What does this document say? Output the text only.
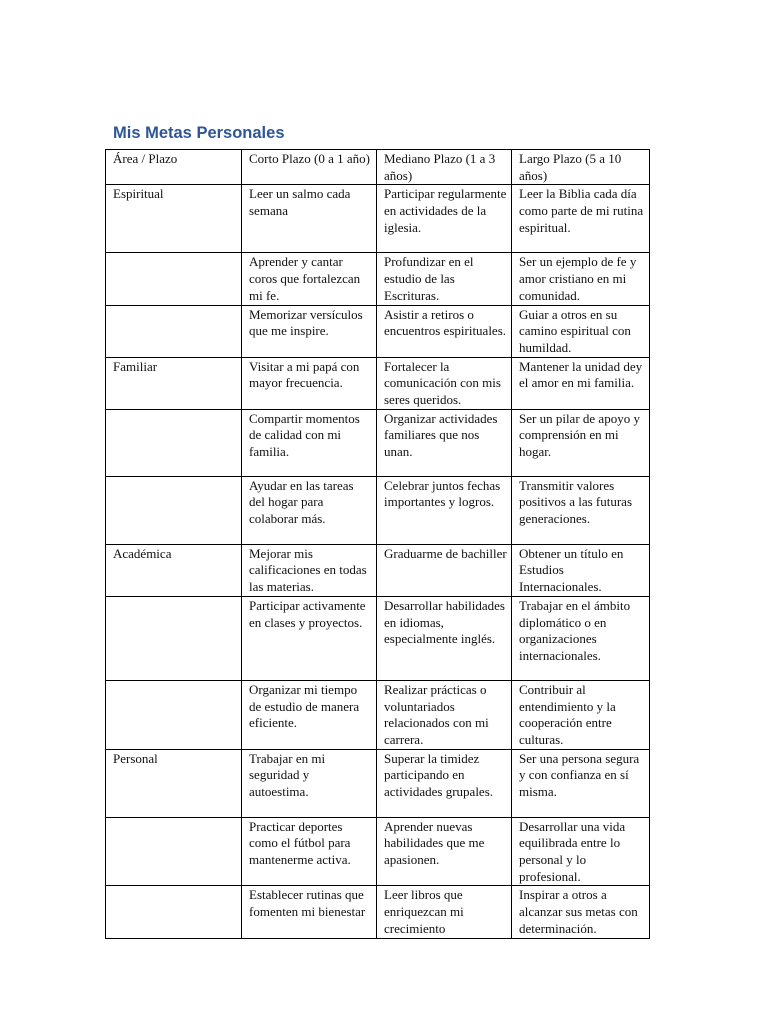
Mis Metas Personales
Área / Plazo	Corto Plazo (0 a 1 año)	Mediano Plazo (1 a 3 años)	Largo Plazo (5 a 10 años)
Espiritual	Leer un salmo cada semana	Participar regularmente en actividades de la iglesia.	Leer la Biblia cada día como parte de mi rutina espiritual.
	Aprender y cantar coros que fortalezcan mi fe.	Profundizar en el estudio de las Escrituras.	Ser un ejemplo de fe y amor cristiano en mi comunidad.
	Memorizar versículos que me inspire.	Asistir a retiros o encuentros espirituales.	Guiar a otros en su camino espiritual con humildad.
Familiar	Visitar a mi papá con mayor frecuencia.	Fortalecer la comunicación con mis seres queridos.	Mantener la unidad dey el amor en mi familia.
	Compartir momentos de calidad con mi familia.	Organizar actividades familiares que nos unan.	Ser un pilar de apoyo y comprensión en mi hogar.
	Ayudar en las tareas del hogar para colaborar más.	Celebrar juntos fechas importantes y logros.	Transmitir valores positivos a las futuras generaciones.
Académica	Mejorar mis calificaciones en todas las materias.	Graduarme de bachiller	Obtener un título en Estudios Internacionales.
	Participar activamente en clases y proyectos.	Desarrollar habilidades en idiomas, especialmente inglés.	Trabajar en el ámbito diplomático o en organizaciones internacionales.
	Organizar mi tiempo de estudio de manera eficiente.	Realizar prácticas o voluntariados relacionados con mi carrera.	Contribuir al entendimiento y la cooperación entre culturas.
Personal	Trabajar en mi seguridad y autoestima.	Superar la timidez participando en actividades grupales.	Ser una persona segura y con confianza en sí misma.
	Practicar deportes como el fútbol para mantenerme activa.	Aprender nuevas habilidades que me apasionen.	Desarrollar una vida equilibrada entre lo personal y lo profesional.
	Establecer rutinas que fomenten mi bienestar	Leer libros que enriquezcan mi crecimiento	Inspirar a otros a alcanzar sus metas con determinación.
